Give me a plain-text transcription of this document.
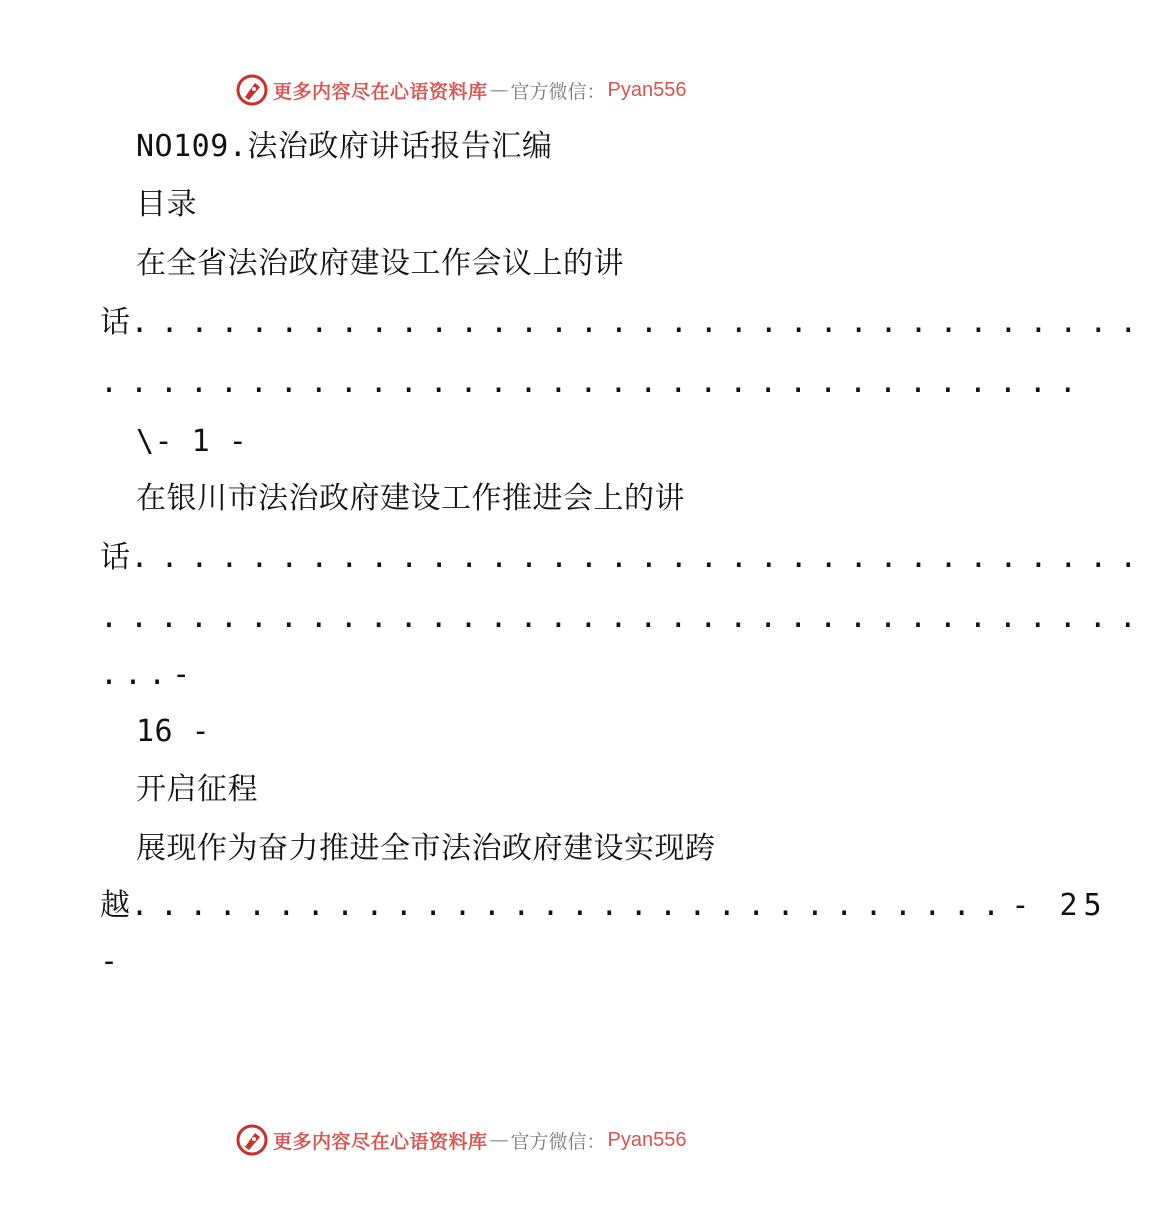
更多内容尽在心语资料库 — 官方微信： Pyan556
NO109.法治政府讲话报告汇编
目录
在全省法治政府建设工作会议上的讲
话..................................
.................................
\- 1 -
在银川市法治政府建设工作推进会上的讲
话..................................
...................................
...-
16 -
开启征程
展现作为奋力推进全市法治政府建设实现跨
越..............................- 25
-
更多内容尽在心语资料库 — 官方微信： Pyan556
